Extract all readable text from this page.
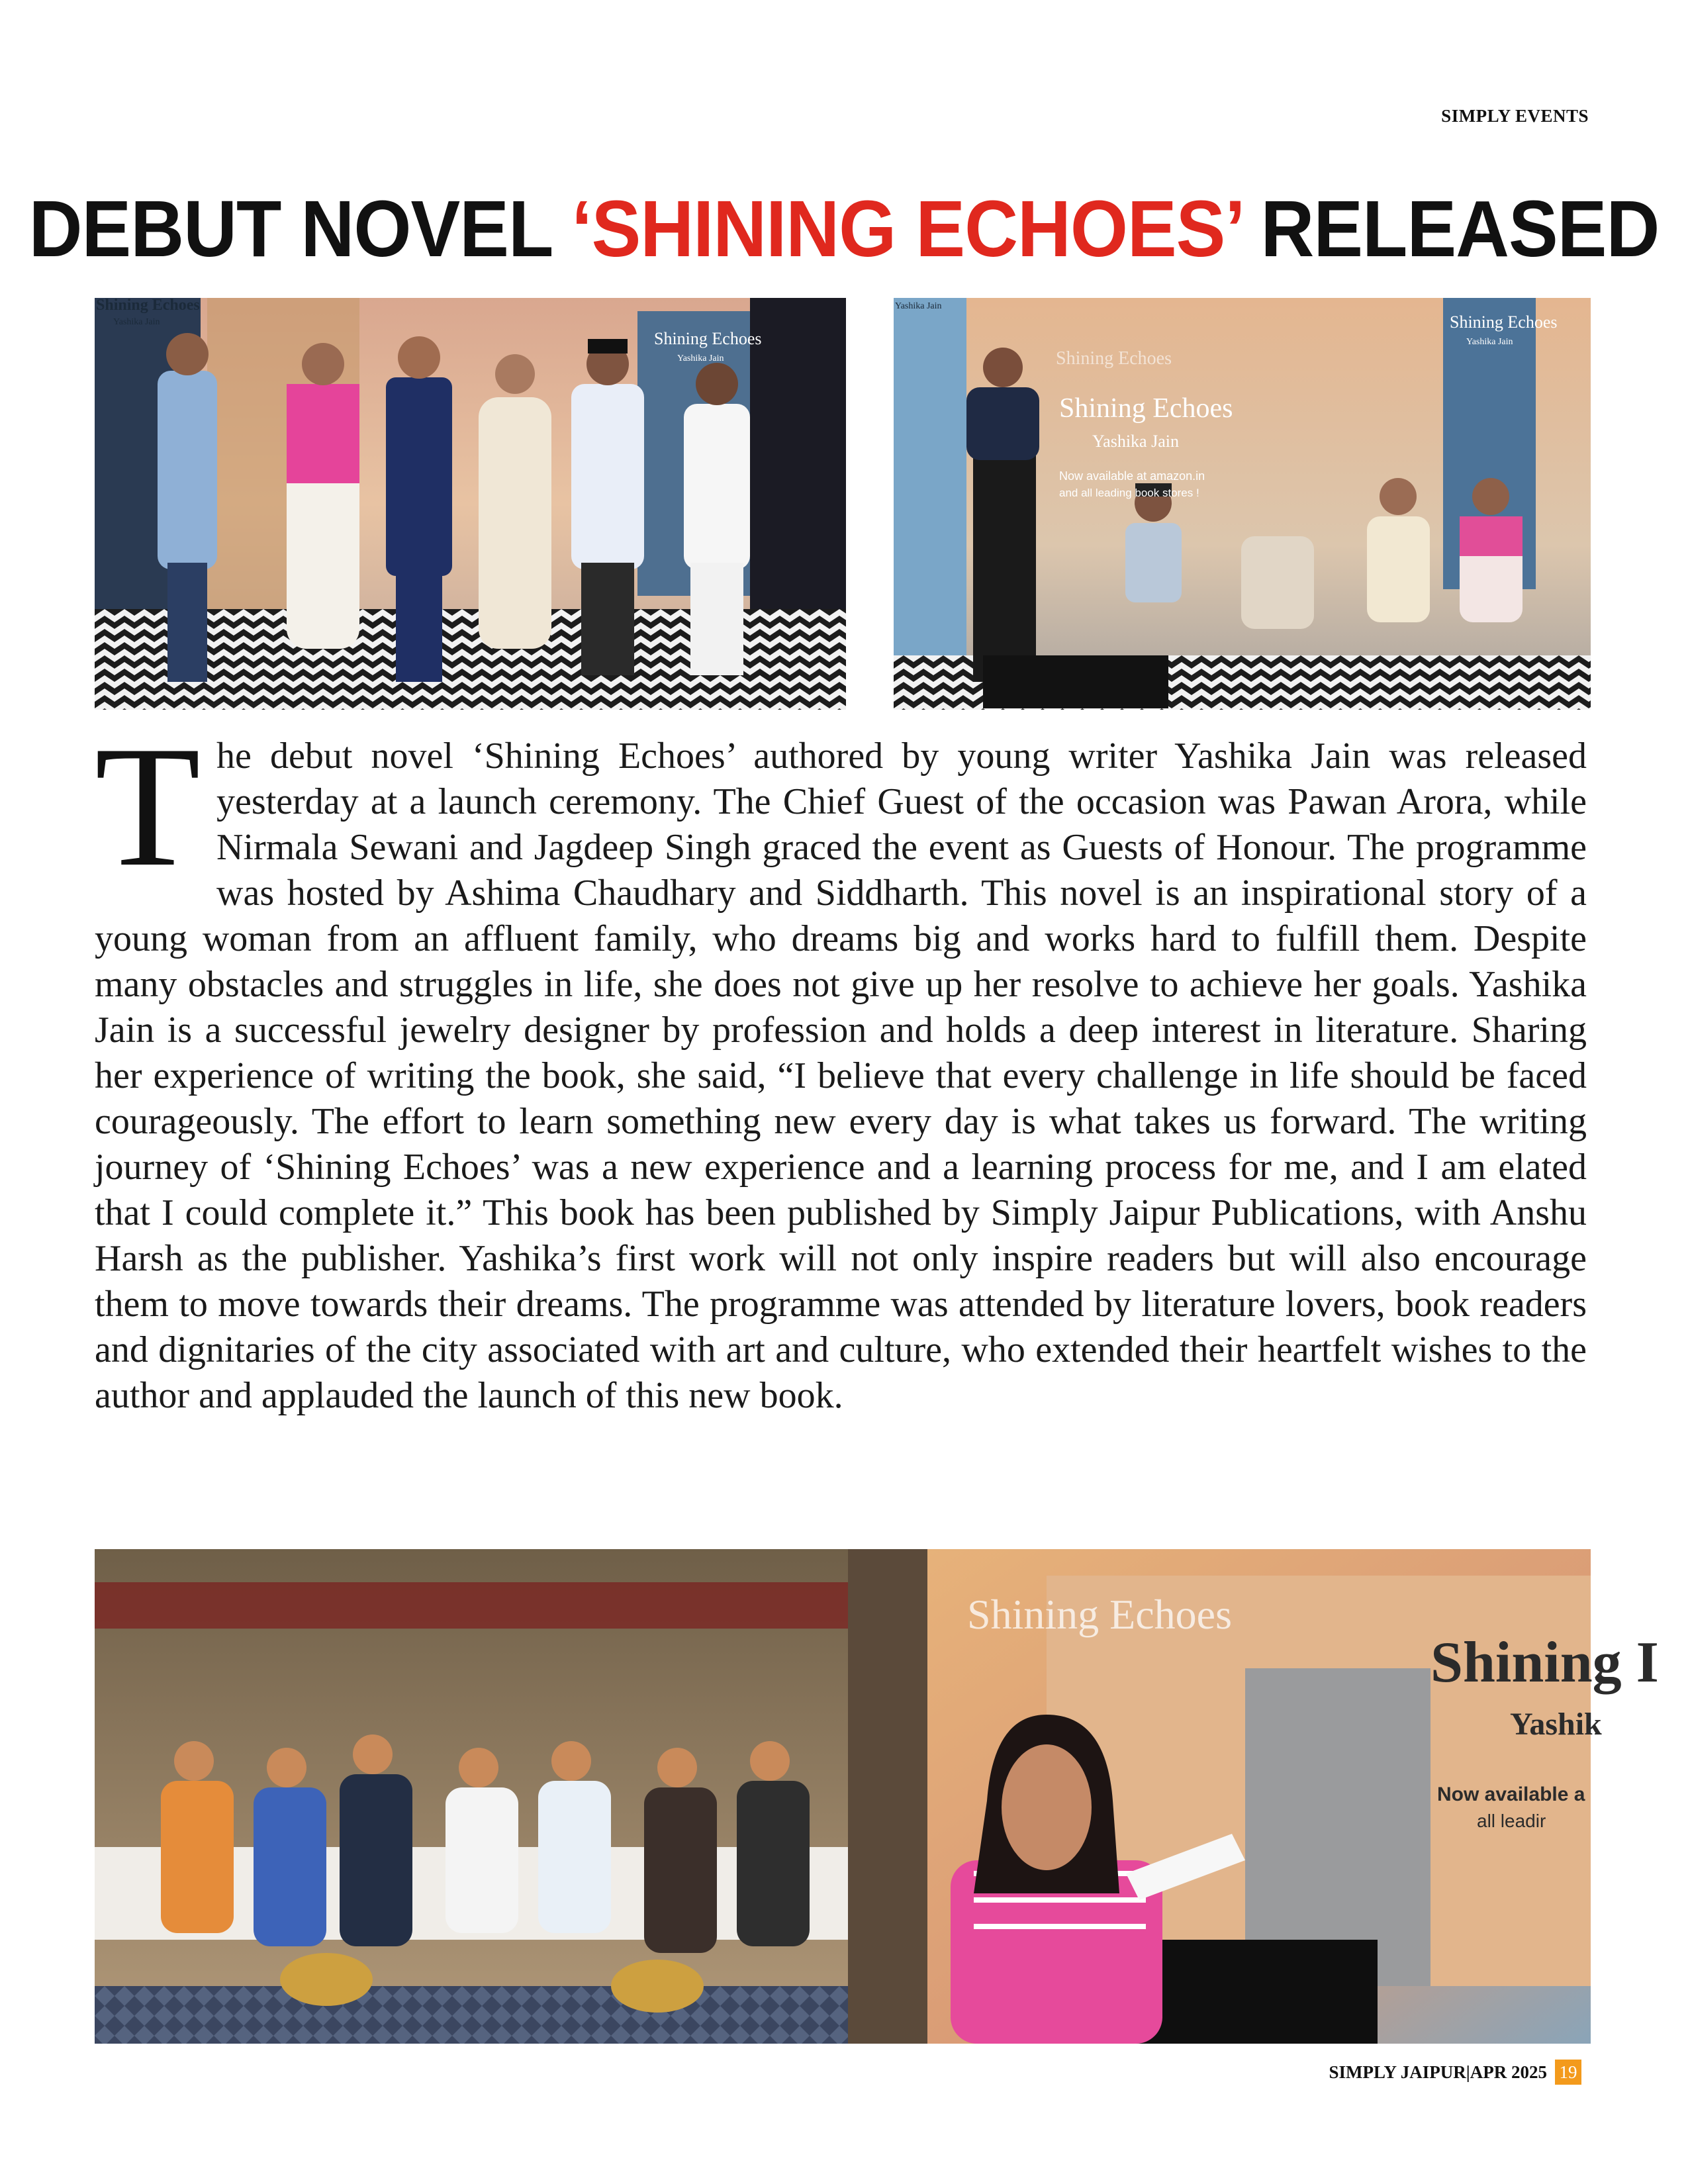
SIMPLY EVENTS
DEBUT NOVEL ‘SHINING ECHOES’ RELEASED
Shining Echoes
Yashika Jain
Shining Echoes
Yashika Jain
Yashika Jain
Shining Echoes
Yashika Jain
Now available at amazon.in
and all leading book stores !
Shining Echoes
Yashika Jain
Shining Echoes
The debut novel ‘Shining Echoes’ authored by young writer Yashika Jain was released yesterday at a launch ceremony. The Chief Guest of the occasion was Pawan Arora, while Nirmala Sewani and Jagdeep Singh graced the event as Guests of Honour. The programme was hosted by Ashima Chaudhary and Siddharth. This novel is an inspirational story of a young woman from an affluent family, who dreams big and works hard to fulfill them. Despite many obstacles and struggles in life, she does not give up her resolve to achieve her goals. Yashika Jain is a successful jewelry designer by profession and holds a deep interest in literature. Sharing her experience of writing the book, she said, “I believe that every challenge in life should be faced courageously. The effort to learn something new every day is what takes us forward. The writing journey of ‘Shining Echoes’ was a new experience and a learning process for me, and I am elated that I could complete it.” This book has been published by Simply Jaipur Publications, with Anshu Harsh as the publisher. Yashika’s first work will not only inspire readers but will also encourage them to move towards their dreams. The programme was attended by literature lovers, book readers and dignitaries of the city associated with art and culture, who extended their heartfelt wishes to the author and applauded the launch of this new book.
Shining Echoes
Shining I
Yashik
Now available a
all leadir
SIMPLY JAIPUR | APR 2025 19
